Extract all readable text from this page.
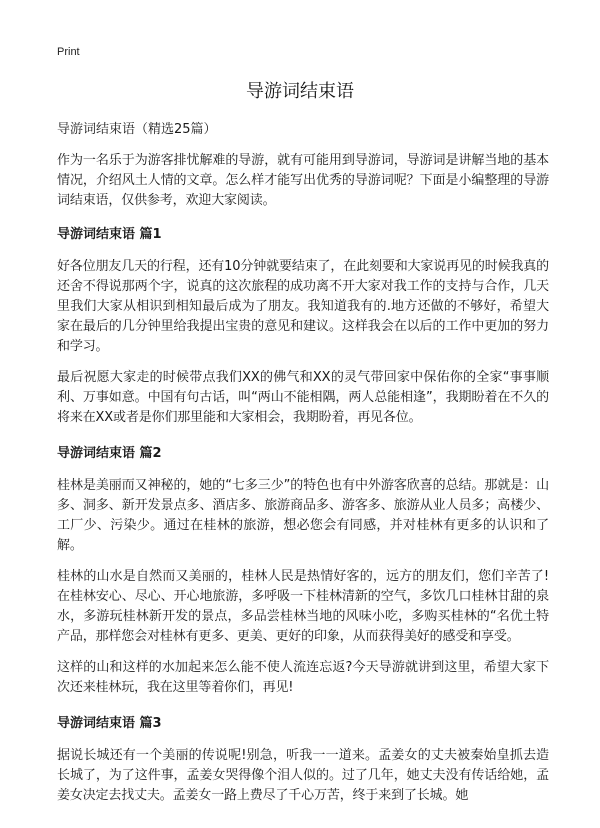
Print
导游词结束语

导游词结束语（精选25篇）

作为一名乐于为游客排忧解难的导游，就有可能用到导游词，导游词是讲解当地的基本情况，介绍风土人情的文章。怎么样才能写出优秀的导游词呢？下面是小编整理的导游词结束语，仅供参考，欢迎大家阅读。

导游词结束语 篇1

好各位朋友几天的行程，还有10分钟就要结束了，在此刻要和大家说再见的时候我真的还舍不得说那两个字，说真的这次旅程的成功离不开大家对我工作的支持与合作，几天里我们大家从相识到相知最后成为了朋友。我知道我有的.地方还做的不够好，希望大家在最后的几分钟里给我提出宝贵的意见和建议。这样我会在以后的工作中更加的努力和学习。

最后祝愿大家走的时候带点我们XX的佛气和XX的灵气带回家中保佑你的全家“事事顺利、万事如意。中国有句古话，叫“两山不能相隅，两人总能相逢”，我期盼着在不久的将来在XX或者是你们那里能和大家相会，我期盼着，再见各位。

导游词结束语 篇2

桂林是美丽而又神秘的，她的“七多三少”的特色也有中外游客欣喜的总结。那就是：山多、洞多、新开发景点多、酒店多、旅游商品多、游客多、旅游从业人员多；高楼少、工厂少、污染少。通过在桂林的旅游，想必您会有同感，并对桂林有更多的认识和了解。

桂林的山水是自然而又美丽的，桂林人民是热情好客的，远方的朋友们，您们辛苦了!在桂林安心、尽心、开心地旅游，多呼吸一下桂林清新的空气，多饮几口桂林甘甜的泉水，多游玩桂林新开发的景点，多品尝桂林当地的风味小吃，多购买桂林的“名优土特产品，那样您会对桂林有更多、更美、更好的印象，从而获得美好的感受和享受。

这样的山和这样的水加起来怎么能不使人流连忘返?今天导游就讲到这里，希望大家下次还来桂林玩，我在这里等着你们，再见!

导游词结束语 篇3

据说长城还有一个美丽的传说呢!别急，听我一一道来。孟姜女的丈夫被秦始皇抓去造长城了，为了这件事，孟姜女哭得像个泪人似的。过了几年，她丈夫没有传话给她，孟姜女决定去找丈夫。孟姜女一路上费尽了千心万苦，终于来到了长城。她
